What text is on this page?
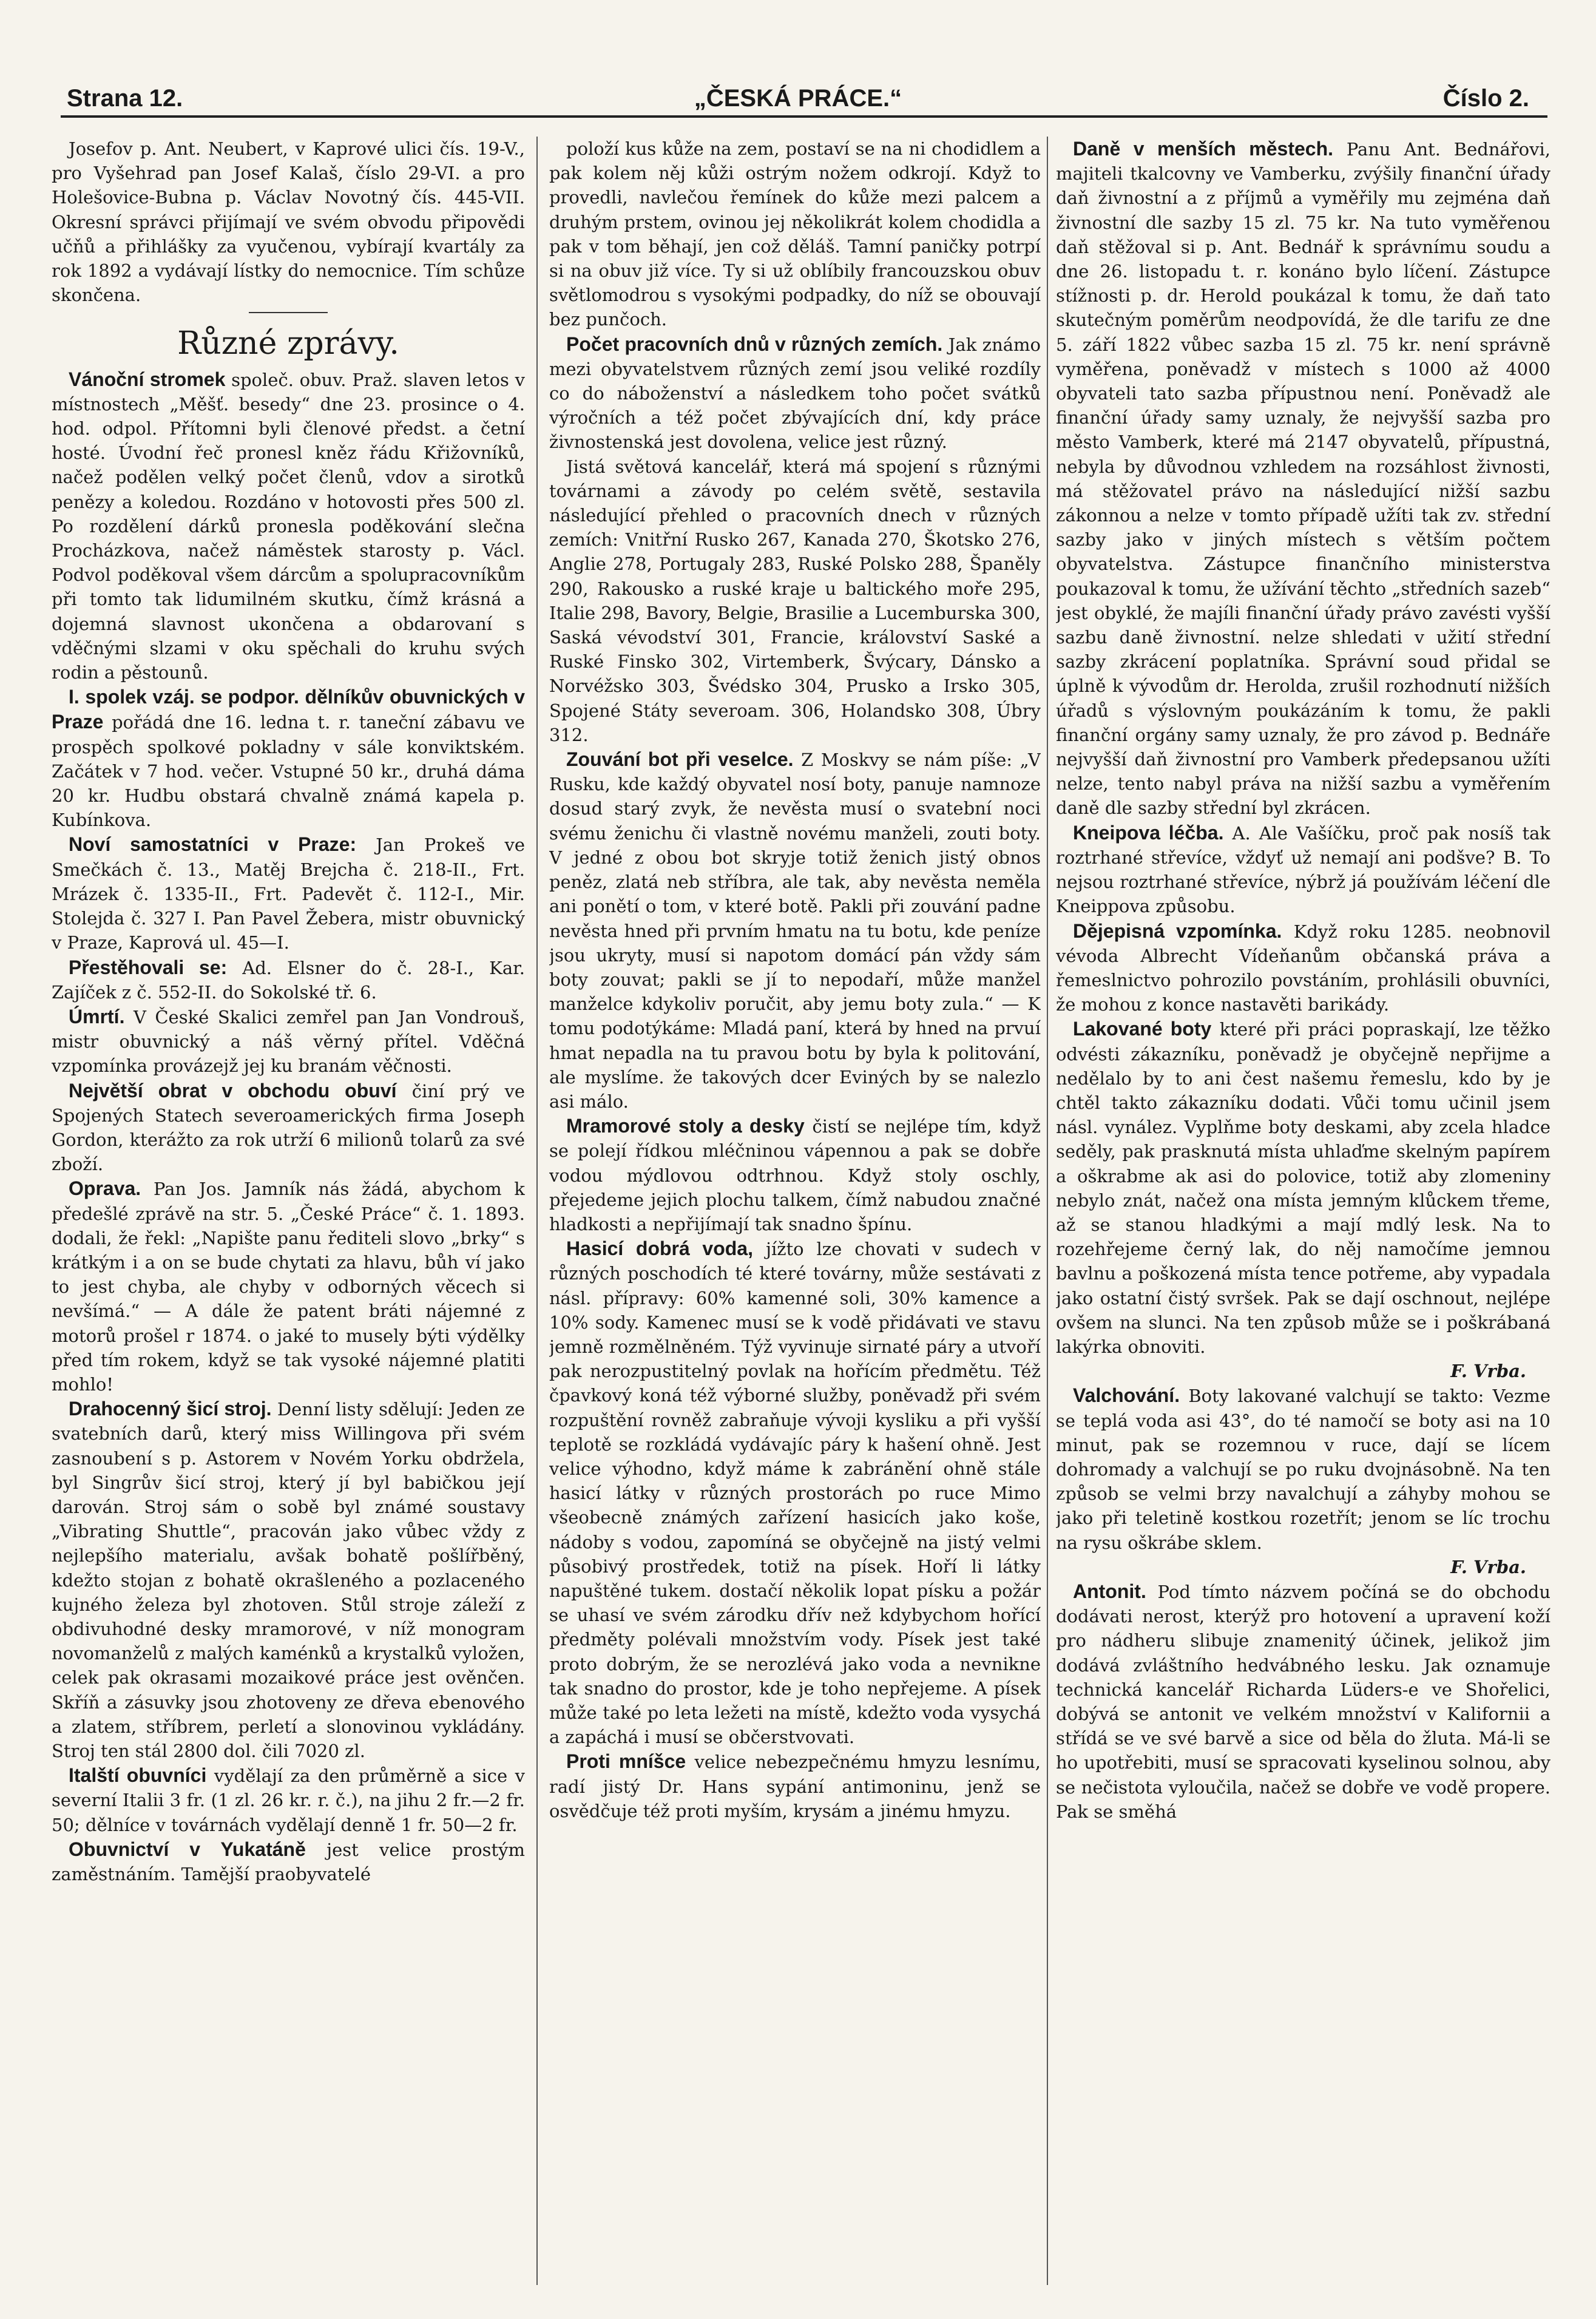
Strana 12.	„ČESKÁ PRÁCE.“	Číslo 2.

Josefov p. Ant. Neubert, v Kaprové ulici čís. 19-V., pro Vyšehrad pan Josef Kalaš, číslo 29-VI. a pro Holešovice-Bubna p. Václav Novotný čís. 445-VII. Okresní správci přijímají ve svém obvodu připovědi učňů a přihlášky za vyučenou, vybírají kvartály za rok 1892 a vydávají lístky do nemocnice. Tím schůze skončena.

Různé zprávy.

Vánoční stromek společ. obuv. Praž. slaven letos v místnostech „Měšť. besedy“ dne 23. prosince o 4. hod. odpol. Přítomni byli členové předst. a četní hosté. Úvodní řeč pronesl kněz řádu Křižovníků, načež podělen velký počet členů, vdov a sirotků penězy a koledou. Rozdáno v hotovosti přes 500 zl. Po rozdělení dárků pronesla poděkování slečna Procházkova, načež náměstek starosty p. Václ. Podvol poděkoval všem dárcům a spolupracovníkům při tomto tak lidumilném skutku, čímž krásná a dojemná slavnost ukončena a obdarovaní s vděčnými slzami v oku spěchali do kruhu svých rodin a pěstounů.

I. spolek vzáj. se podpor. dělníkův obuvnických v Praze pořádá dne 16. ledna t. r. taneční zábavu ve prospěch spolkové pokladny v sále konviktském. Začátek v 7 hod. večer. Vstupné 50 kr., druhá dáma 20 kr. Hudbu obstará chvalně známá kapela p. Kubínkova.

Noví samostatníci v Praze: Jan Prokeš ve Smečkách č. 13., Matěj Brejcha č. 218-II., Frt. Mrázek č. 1335-II., Frt. Padevět č. 112-I., Mir. Stolejda č. 327 I. Pan Pavel Žebera, mistr obuvnický v Praze, Kaprová ul. 45—I.

Přestěhovali se: Ad. Elsner do č. 28-I., Kar. Zajíček z č. 552-II. do Sokolské tř. 6.

Úmrtí. V České Skalici zemřel pan Jan Vondrouš, mistr obuvnický a náš věrný přítel. Vděčná vzpomínka provázejž jej ku branám věčnosti.

Největší obrat v obchodu obuví činí prý ve Spojených Statech severoamerických firma Joseph Gordon, kterážto za rok utrží 6 milionů tolarů za své zboží.

Oprava. Pan Jos. Jamník nás žádá, abychom k předešlé zprávě na str. 5. „České Práce“ č. 1. 1893. dodali, že řekl: „Napište panu řediteli slovo „brky“ s krátkým i a on se bude chytati za hlavu, bůh ví jako to jest chyba, ale chyby v odborných věcech si nevšímá.“ — A dále že patent bráti nájemné z motorů prošel r 1874. o jaké to musely býti výdělky před tím rokem, když se tak vysoké nájemné platiti mohlo!

Drahocenný šicí stroj. Denní listy sdělují: Jeden ze svatebních darů, který miss Willingova při svém zasnoubení s p. Astorem v Novém Yorku obdržela, byl Singrův šicí stroj, který jí byl babičkou její darován. Stroj sám o sobě byl známé soustavy „Vibrating Shuttle“, pracován jako vůbec vždy z nejlepšího materialu, avšak bohatě pošlířběný, kdežto stojan z bohatě okrašleného a pozlaceného kujného železa byl zhotoven. Stůl stroje záleží z obdivuhodné desky mramorové, v níž monogram novomanželů z malých kaménků a krystalků vyložen, celek pak okrasami mozaikové práce jest ověnčen. Skříň a zásuvky jsou zhotoveny ze dřeva ebenového a zlatem, stříbrem, perletí a slonovinou vykládány. Stroj ten stál 2800 dol. čili 7020 zl.

Italští obuvníci vydělají za den průměrně a sice v severní Italii 3 fr. (1 zl. 26 kr. r. č.), na jihu 2 fr.—2 fr. 50; dělníce v továrnách vydělají denně 1 fr. 50—2 fr.

Obuvnictví v Yukatáně jest velice prostým zaměstnáním. Tamější praobyvatelé

položí kus kůže na zem, postaví se na ni chodidlem a pak kolem něj kůži ostrým nožem odkrojí. Když to provedli, navlečou řemínek do kůže mezi palcem a druhým prstem, ovinou jej několikrát kolem chodidla a pak v tom běhají, jen což děláš. Tamní paničky potrpí si na obuv již více. Ty si už oblíbily francouzskou obuv světlomodrou s vysokými podpadky, do níž se obouvají bez punčoch.

Počet pracovních dnů v různých zemích. Jak známo mezi obyvatelstvem různých zemí jsou veliké rozdíly co do náboženství a následkem toho počet svátků výročních a též počet zbývajících dní, kdy práce živnostenská jest dovolena, velice jest různý.

Jistá světová kancelář, která má spojení s různými továrnami a závody po celém světě, sestavila následující přehled o pracovních dnech v různých zemích: Vnitřní Rusko 267, Kanada 270, Škotsko 276, Anglie 278, Portugaly 283, Ruské Polsko 288, Španěly 290, Rakousko a ruské kraje u baltického moře 295, Italie 298, Bavory, Belgie, Brasilie a Lucemburska 300, Saská vévodství 301, Francie, království Saské a Ruské Finsko 302, Virtemberk, Švýcary, Dánsko a Norvéžsko 303, Švédsko 304, Prusko a Irsko 305, Spojené Státy severoam. 306, Holandsko 308, Úbry 312.

Zouvání bot při veselce. Z Moskvy se nám píše: „V Rusku, kde každý obyvatel nosí boty, panuje namnoze dosud starý zvyk, že nevěsta musí o svatební noci svému ženichu či vlastně novému manželi, zouti boty. V jedné z obou bot skryje totiž ženich jistý obnos peněz, zlatá neb stříbra, ale tak, aby nevěsta neměla ani ponětí o tom, v které botě. Pakli při zouvání padne nevěsta hned při prvním hmatu na tu botu, kde peníze jsou ukryty, musí si napotom domácí pán vždy sám boty zouvat; pakli se jí to nepodaří, může manžel manželce kdykoliv poručit, aby jemu boty zula.“ — K tomu podotýkáme: Mladá paní, která by hned na prvuí hmat nepadla na tu pravou botu by byla k politování, ale myslíme. že takových dcer Eviných by se nalezlo asi málo.

Mramorové stoly a desky čistí se nejlépe tím, když se polejí řídkou mléčninou vápennou a pak se dobře vodou mýdlovou odtrhnou. Když stoly oschly, přejedeme jejich plochu talkem, čímž nabudou značné hladkosti a nepřijímají tak snadno špínu.

Hasicí dobrá voda, jížto lze chovati v sudech v různých poschodích té které továrny, může sestávati z násl. přípravy: 60% kamenné soli, 30% kamence a 10% sody. Kamenec musí se k vodě přidávati ve stavu jemně rozmělněném. Týž vyvinuje sirnaté páry a utvoří pak nerozpustitelný povlak na hořícím předmětu. Též čpavkový koná též výborné služby, poněvadž při svém rozpuštění rovněž zabraňuje vývoji kysliku a při vyšší teplotě se rozkládá vydávajíc páry k hašení ohně. Jest velice výhodno, když máme k zabránění ohně stále hasicí látky v různých prostorách po ruce Mimo všeobecně známých zařízení hasicích jako koše, nádoby s vodou, zapomíná se obyčejně na jistý velmi působivý prostředek, totiž na písek. Hoří li látky napuštěné tukem. dostačí několik lopat písku a požár se uhasí ve svém zárodku dřív než kdybychom hořící předměty polévali množstvím vody. Písek jest také proto dobrým, že se nerozlévá jako voda a nevnikne tak snadno do prostor, kde je toho nepřejeme. A písek může také po leta ležeti na místě, kdežto voda vysychá a zapáchá i musí se občerstvovati.

Proti mníšce velice nebezpečnému hmyzu lesnímu, radí jistý Dr. Hans sypání antimoninu, jenž se osvědčuje též proti myším, krysám a jinému hmyzu.

Daně v menších městech. Panu Ant. Bednářovi, majiteli tkalcovny ve Vamberku, zvýšily finanční úřady daň živnostní a z příjmů a vyměřily mu zejména daň živnostní dle sazby 15 zl. 75 kr. Na tuto vyměřenou daň stěžoval si p. Ant. Bednář k správnímu soudu a dne 26. listopadu t. r. konáno bylo líčení. Zástupce stížnosti p. dr. Herold poukázal k tomu, že daň tato skutečným poměrům neodpovídá, že dle tarifu ze dne 5. září 1822 vůbec sazba 15 zl. 75 kr. není správně vyměřena, poněvadž v místech s 1000 až 4000 obyvateli tato sazba přípustnou není. Poněvadž ale finanční úřady samy uznaly, že nejvyšší sazba pro město Vamberk, které má 2147 obyvatelů, přípustná, nebyla by důvodnou vzhledem na rozsáhlost živnosti, má stěžovatel právo na následující nižší sazbu zákonnou a nelze v tomto případě užíti tak zv. střední sazby jako v jiných místech s větším počtem obyvatelstva. Zástupce finančního ministerstva poukazoval k tomu, že užívání těchto „středních sazeb“ jest obyklé, že majíli finanční úřady právo zavésti vyšší sazbu daně živnostní. nelze shledati v užití střední sazby zkrácení poplatníka. Správní soud přidal se úplně k vývodům dr. Herolda, zrušil rozhodnutí nižších úřadů s výslovným poukázáním k tomu, že pakli finanční orgány samy uznaly, že pro závod p. Bednáře nejvyšší daň živnostní pro Vamberk předepsanou užíti nelze, tento nabyl práva na nižší sazbu a vyměřením daně dle sazby střední byl zkrácen.

Kneipova léčba. A. Ale Vašíčku, proč pak nosíš tak roztrhané střevíce, vždyť už nemají ani podšve? B. To nejsou roztrhané střevíce, nýbrž já používám léčení dle Kneippova způsobu.

Dějepisná vzpomínka. Když roku 1285. neobnovil vévoda Albrecht Vídeňanům občanská práva a řemeslnictvo pohrozilo povstáním, prohlásili obuvníci, že mohou z konce nastavěti barikády.

Lakované boty které při práci popraskají, lze těžko odvésti zákazníku, poněvadž je obyčejně nepřijme a nedělalo by to ani čest našemu řemeslu, kdo by je chtěl takto zákazníku dodati. Vůči tomu učinil jsem násl. vynález. Vyplňme boty deskami, aby zcela hladce seděly, pak prasknutá místa uhlaďme skelným papírem a oškrabme ak asi do polovice, totiž aby zlomeniny nebylo znát, načež ona místa jemným klůckem třeme, až se stanou hladkými a mají mdlý lesk. Na to rozehřejeme černý lak, do něj namočíme jemnou bavlnu a poškozená místa tence potřeme, aby vypadala jako ostatní čistý svršek. Pak se dají oschnout, nejlépe ovšem na slunci. Na ten způsob může se i poškrábaná lakýrka obnoviti.

F. Vrba.

Valchování. Boty lakované valchují se takto: Vezme se teplá voda asi 43°, do té namočí se boty asi na 10 minut, pak se rozemnou v ruce, dají se lícem dohromady a valchují se po ruku dvojnásobně. Na ten způsob se velmi brzy navalchují a záhyby mohou se jako při teletině kostkou rozetřít; jenom se líc trochu na rysu oškrábe sklem.

F. Vrba.

Antonit. Pod tímto názvem počíná se do obchodu dodávati nerost, kterýž pro hotovení a upravení koží pro nádheru slibuje znamenitý účinek, jelikož jim dodává zvláštního hedvábného lesku. Jak oznamuje technická kancelář Richarda Lüders-e ve Shořelici, dobývá se antonit ve velkém množství v Kalifornii a střídá se ve své barvě a sice od běla do žluta. Má-li se ho upotřebiti, musí se spracovati kyselinou solnou, aby se nečistota vyloučila, načež se dobře ve vodě propere. Pak se směhá
